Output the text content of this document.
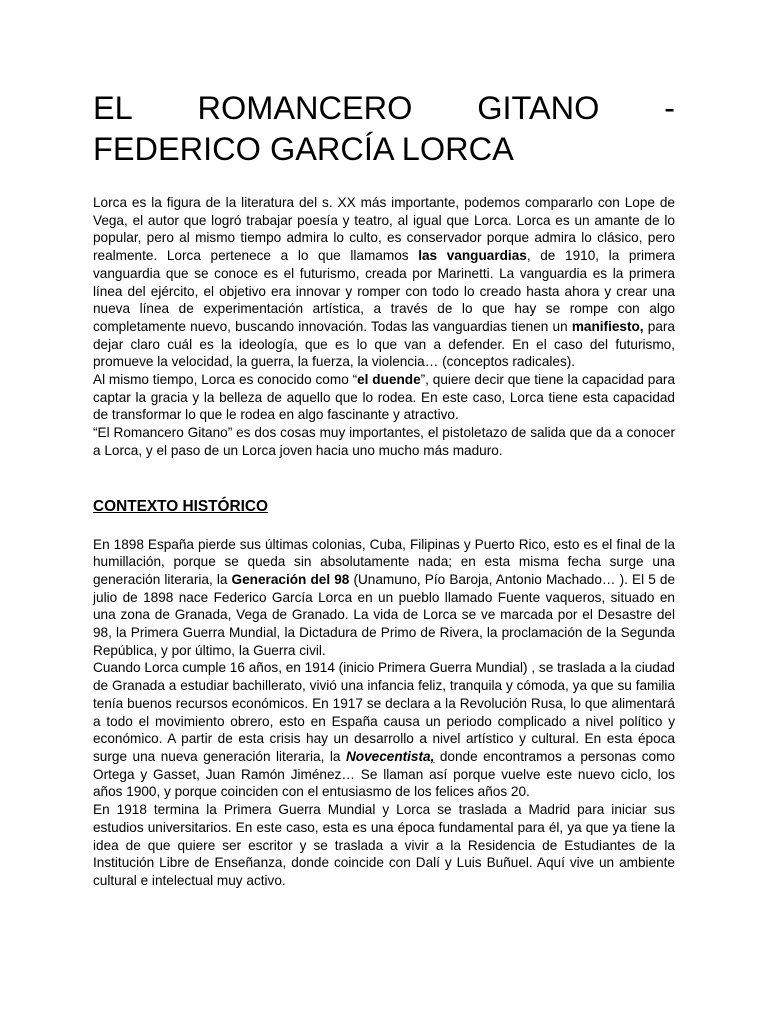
EL ROMANCERO GITANO -
FEDERICO GARCÍA LORCA

Lorca es la figura de la literatura del s. XX más importante, podemos compararlo con Lope de Vega, el autor que logró trabajar poesía y teatro, al igual que Lorca. Lorca es un amante de lo popular, pero al mismo tiempo admira lo culto, es conservador porque admira lo clásico, pero realmente. Lorca pertenece a lo que llamamos las vanguardias, de 1910, la primera vanguardia que se conoce es el futurismo, creada por Marinetti. La vanguardia es la primera línea del ejército, el objetivo era innovar y romper con todo lo creado hasta ahora y crear una nueva línea de experimentación artística, a través de lo que hay se rompe con algo completamente nuevo, buscando innovación. Todas las vanguardias tienen un manifiesto, para dejar claro cuál es la ideología, que es lo que van a defender. En el caso del futurismo, promueve la velocidad, la guerra, la fuerza, la violencia… (conceptos radicales).

Al mismo tiempo, Lorca es conocido como “el duende”, quiere decir que tiene la capacidad para captar la gracia y la belleza de aquello que lo rodea. En este caso, Lorca tiene esta capacidad de transformar lo que le rodea en algo fascinante y atractivo.

“El Romancero Gitano” es dos cosas muy importantes, el pistoletazo de salida que da a conocer a Lorca, y el paso de un Lorca joven hacia uno mucho más maduro.

CONTEXTO HISTÓRICO

En 1898 España pierde sus últimas colonias, Cuba, Filipinas y Puerto Rico, esto es el final de la humillación, porque se queda sin absolutamente nada; en esta misma fecha surge una generación literaria, la Generación del 98 (Unamuno, Pío Baroja, Antonio Machado… ). El 5 de julio de 1898 nace Federico García Lorca en un pueblo llamado Fuente vaqueros, situado en una zona de Granada, Vega de Granado. La vida de Lorca se ve marcada por el Desastre del 98, la Primera Guerra Mundial, la Dictadura de Primo de Rivera, la proclamación de la Segunda República, y por último, la Guerra civil.

Cuando Lorca cumple 16 años, en 1914 (inicio Primera Guerra Mundial) , se traslada a la ciudad de Granada a estudiar bachillerato, vivió una infancia feliz, tranquila y cómoda, ya que su familia tenía buenos recursos económicos. En 1917 se declara a la Revolución Rusa, lo que alimentará a todo el movimiento obrero, esto en España causa un periodo complicado a nivel político y económico. A partir de esta crisis hay un desarrollo a nivel artístico y cultural. En esta época surge una nueva generación literaria, la Novecentista, donde encontramos a personas como Ortega y Gasset, Juan Ramón Jiménez… Se llaman así porque vuelve este nuevo ciclo, los años 1900, y porque coinciden con el entusiasmo de los felices años 20.

En 1918 termina la Primera Guerra Mundial y Lorca se traslada a Madrid para iniciar sus estudios universitarios. En este caso, esta es una época fundamental para él, ya que ya tiene la idea de que quiere ser escritor y se traslada a vivir a la Residencia de Estudiantes de la Institución Libre de Enseñanza, donde coincide con Dalí y Luis Buñuel. Aquí vive un ambiente cultural e intelectual muy activo.
